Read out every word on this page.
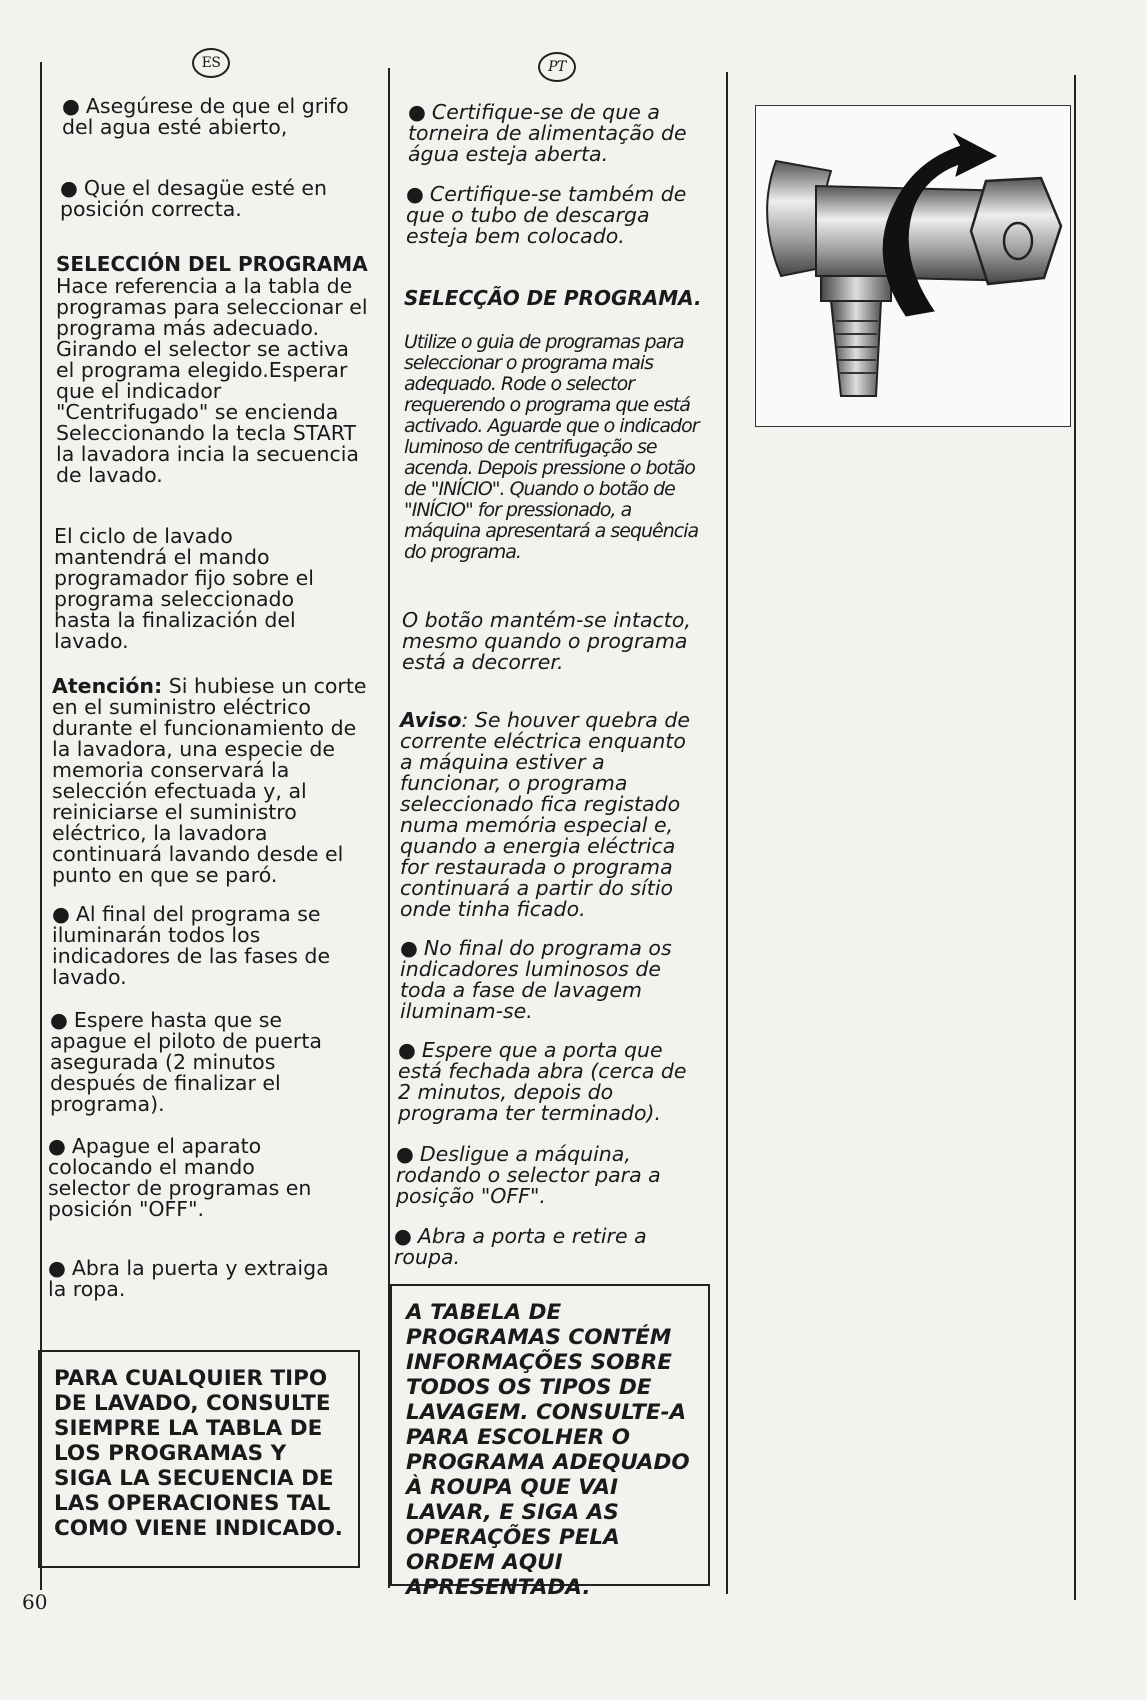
ES

● Asegúrese de que el grifo del agua esté abierto,

● Que el desagüe esté en posición correcta.

SELECCIÓN DEL PROGRAMA

Hace referencia a la tabla de programas para seleccionar el programa más adecuado. Girando el selector se activa el programa elegido.Esperar que el indicador "Centrifugado" se encienda Seleccionando la tecla START la lavadora incia la secuencia de lavado.

El ciclo de lavado mantendrá el mando programador fijo sobre el programa seleccionado hasta la finalización del lavado.

Atención: Si hubiese un corte en el suministro eléctrico durante el funcionamiento de la lavadora, una especie de memoria conservará la selección efectuada y, al reiniciarse el suministro eléctrico, la lavadora continuará lavando desde el punto en que se paró.

● Al final del programa se iluminarán todos los indicadores de las fases de lavado.

● Espere hasta que se apague el piloto de puerta asegurada (2 minutos después de finalizar el programa).

● Apague el aparato colocando el mando selector de programas en posición "OFF".

● Abra la puerta y extraiga la ropa.

PARA CUALQUIER TIPO DE LAVADO, CONSULTE SIEMPRE LA TABLA DE LOS PROGRAMAS Y SIGA LA SECUENCIA DE LAS OPERACIONES TAL COMO VIENE INDICADO.
PT

● Certifique-se de que a torneira de alimentação de água esteja aberta.

● Certifique-se também de que o tubo de descarga esteja bem colocado.

SELECÇÃO DE PROGRAMA.

Utilize o guia de programas para seleccionar o programa mais adequado. Rode o selector requerendo o programa que está activado. Aguarde que o indicador luminoso de centrifugação se acenda. Depois pressione o botão de "INÍCIO". Quando o botão de "INÍCIO" for pressionado, a máquina apresentará a sequência do programa.

O botão mantém-se intacto, mesmo quando o programa está a decorrer.

Aviso: Se houver quebra de corrente eléctrica enquanto a máquina estiver a funcionar, o programa seleccionado fica registado numa memória especial e, quando a energia eléctrica for restaurada o programa continuará a partir do sítio onde tinha ficado.

● No final do programa os indicadores luminosos de toda a fase de lavagem iluminam-se.

● Espere que a porta que está fechada abra (cerca de 2 minutos, depois do programa ter terminado).

● Desligue a máquina, rodando o selector para a posição "OFF".

● Abra a porta e retire a roupa.

A TABELA DE PROGRAMAS CONTÉM INFORMAÇÕES SOBRE TODOS OS TIPOS DE LAVAGEM. CONSULTE-A PARA ESCOLHER O PROGRAMA ADEQUADO À ROUPA QUE VAI LAVAR, E SIGA AS OPERAÇÕES PELA ORDEM AQUI APRESENTADA.
60
